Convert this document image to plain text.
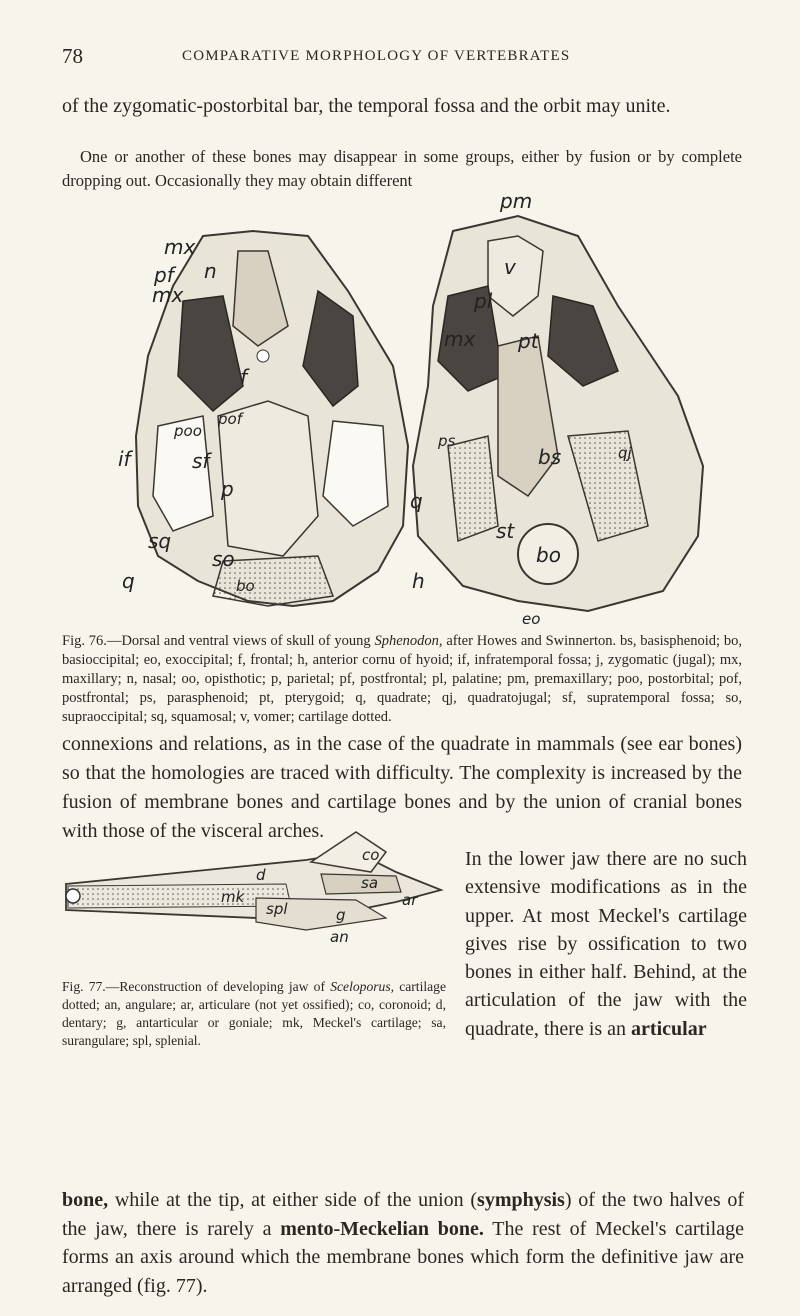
78	COMPARATIVE MORPHOLOGY OF VERTEBRATES
of the zygomatic-postorbital bar, the temporal fossa and the orbit may unite.
One or another of these bones may disappear in some groups, either by fusion or by complete dropping out. Occasionally they may obtain different
mx
n
pf
mx
f
if
poo
pof
sf
p
sq
so
q	bo
pm
v
pl
mx pt
q
ps
bs	qj
st
bo
h
eo
Fig. 76.—Dorsal and ventral views of skull of young Sphenodon, after Howes and Swinnerton. bs, basisphenoid; bo, basioccipital; eo, exoccipital; f, frontal; h, anterior cornu of hyoid; if, infratemporal fossa; j, zygomatic (jugal); mx, maxillary; n, nasal; oo, opisthotic; p, parietal; pf, postfrontal; pl, palatine; pm, premaxillary; poo, postorbital; pof, postfrontal; ps, parasphenoid; pt, pterygoid; q, quadrate; qj, quadratojugal; sf, supratemporal fossa; so, supraoccipital; sq, squamosal; v, vomer; cartilage dotted.
connexions and relations, as in the case of the quadrate in mammals (see ear bones) so that the homologies are traced with difficulty. The complexity is increased by the fusion of membrane bones and cartilage bones and by the union of cranial bones with those of the visceral arches.
co
d	sa
ar
mk
spl	g
an
Fig. 77.—Reconstruction of developing jaw of Sceloporus, cartilage dotted; an, angulare; ar, articulare (not yet ossified); co, coronoid; d, dentary; g, antarticular or goniale; mk, Meckel's cartilage; sa, surangulare; spl, splenial.
In the lower jaw there are no such extensive modifications as in the upper. At most Meckel's cartilage gives rise by ossification to two bones in either half. Behind, at the articulation of the jaw with the quadrate, there is an articular
bone, while at the tip, at either side of the union (symphysis) of the two halves of the jaw, there is rarely a mento-Meckelian bone. The rest of Meckel's cartilage forms an axis around which the membrane bones which form the definitive jaw are arranged (fig. 77).
